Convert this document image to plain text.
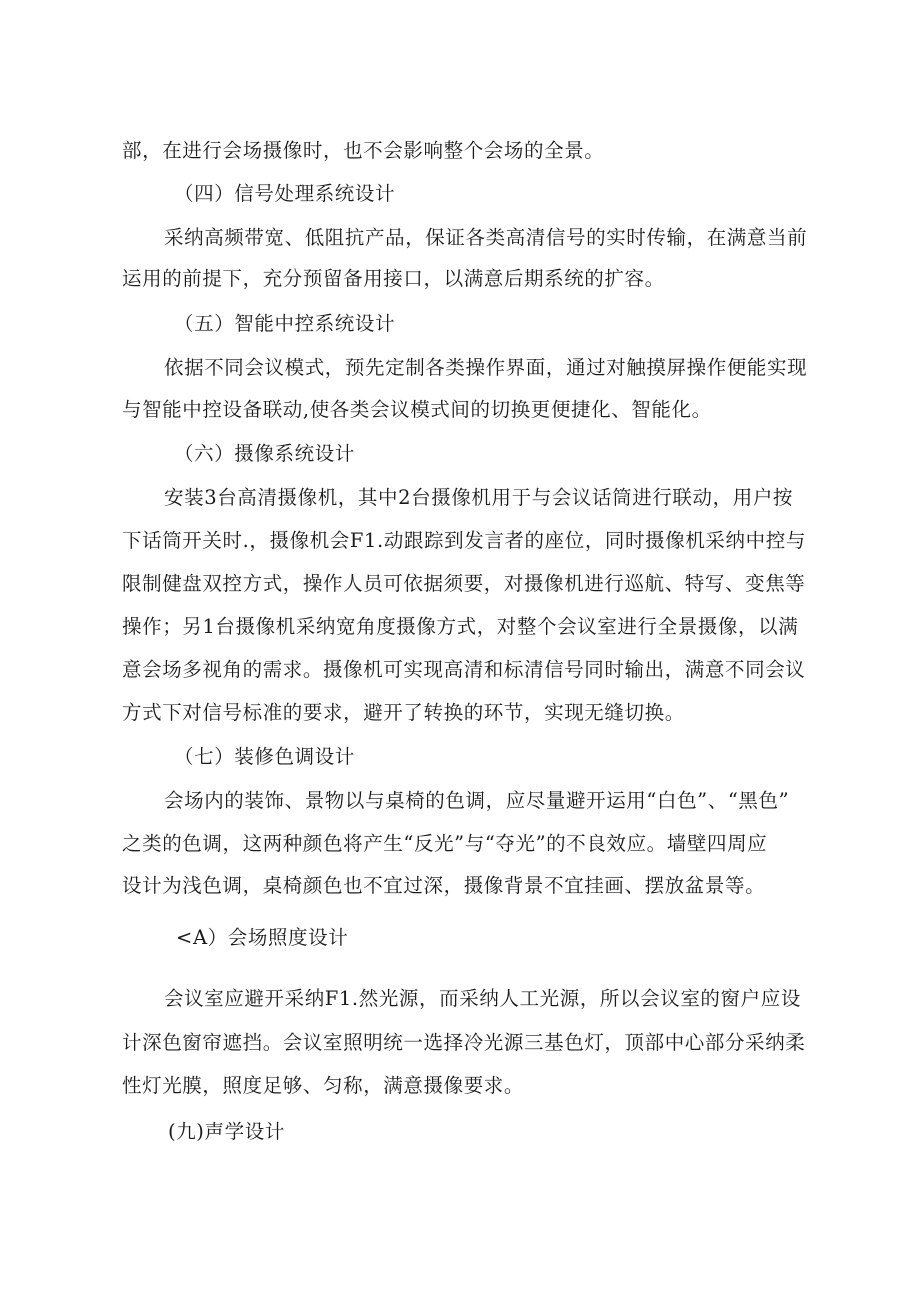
部，在进行会场摄像时，也不会影响整个会场的全景。
（四）信号处理系统设计
采纳高频带宽、低阻抗产品，保证各类高清信号的实时传输，在满意当前
运用的前提下，充分预留备用接口，以满意后期系统的扩容。
（五）智能中控系统设计
依据不同会议模式，预先定制各类操作界面，通过对触摸屏操作便能实现
与智能中控设备联动,使各类会议模式间的切换更便捷化、智能化。
（六）摄像系统设计
安装3台高清摄像机，其中2台摄像机用于与会议话筒进行联动，用户按
下话筒开关时.，摄像机会F1.动跟踪到发言者的座位，同时摄像机采纳中控与
限制健盘双控方式，操作人员可依据须要，对摄像机进行巡航、特写、变焦等
操作；另1台摄像机采纳宽角度摄像方式，对整个会议室进行全景摄像，以满
意会场多视角的需求。摄像机可实现高清和标清信号同时输出，满意不同会议
方式下对信号标准的要求，避开了转换的环节，实现无缝切换。
（七）装修色调设计
会场内的装饰、景物以与桌椅的色调，应尽量避开运用“白色”、“黑色”
之类的色调，这两种颜色将产生“反光”与“夺光”的不良效应。墙壁四周应
设计为浅色调，桌椅颜色也不宜过深，摄像背景不宜挂画、摆放盆景等。
<A）会场照度设计
会议室应避开采纳F1.然光源，而采纳人工光源，所以会议室的窗户应设
计深色窗帘遮挡。会议室照明统一选择冷光源三基色灯，顶部中心部分采纳柔
性灯光膜，照度足够、匀称，满意摄像要求。
(九)声学设计
